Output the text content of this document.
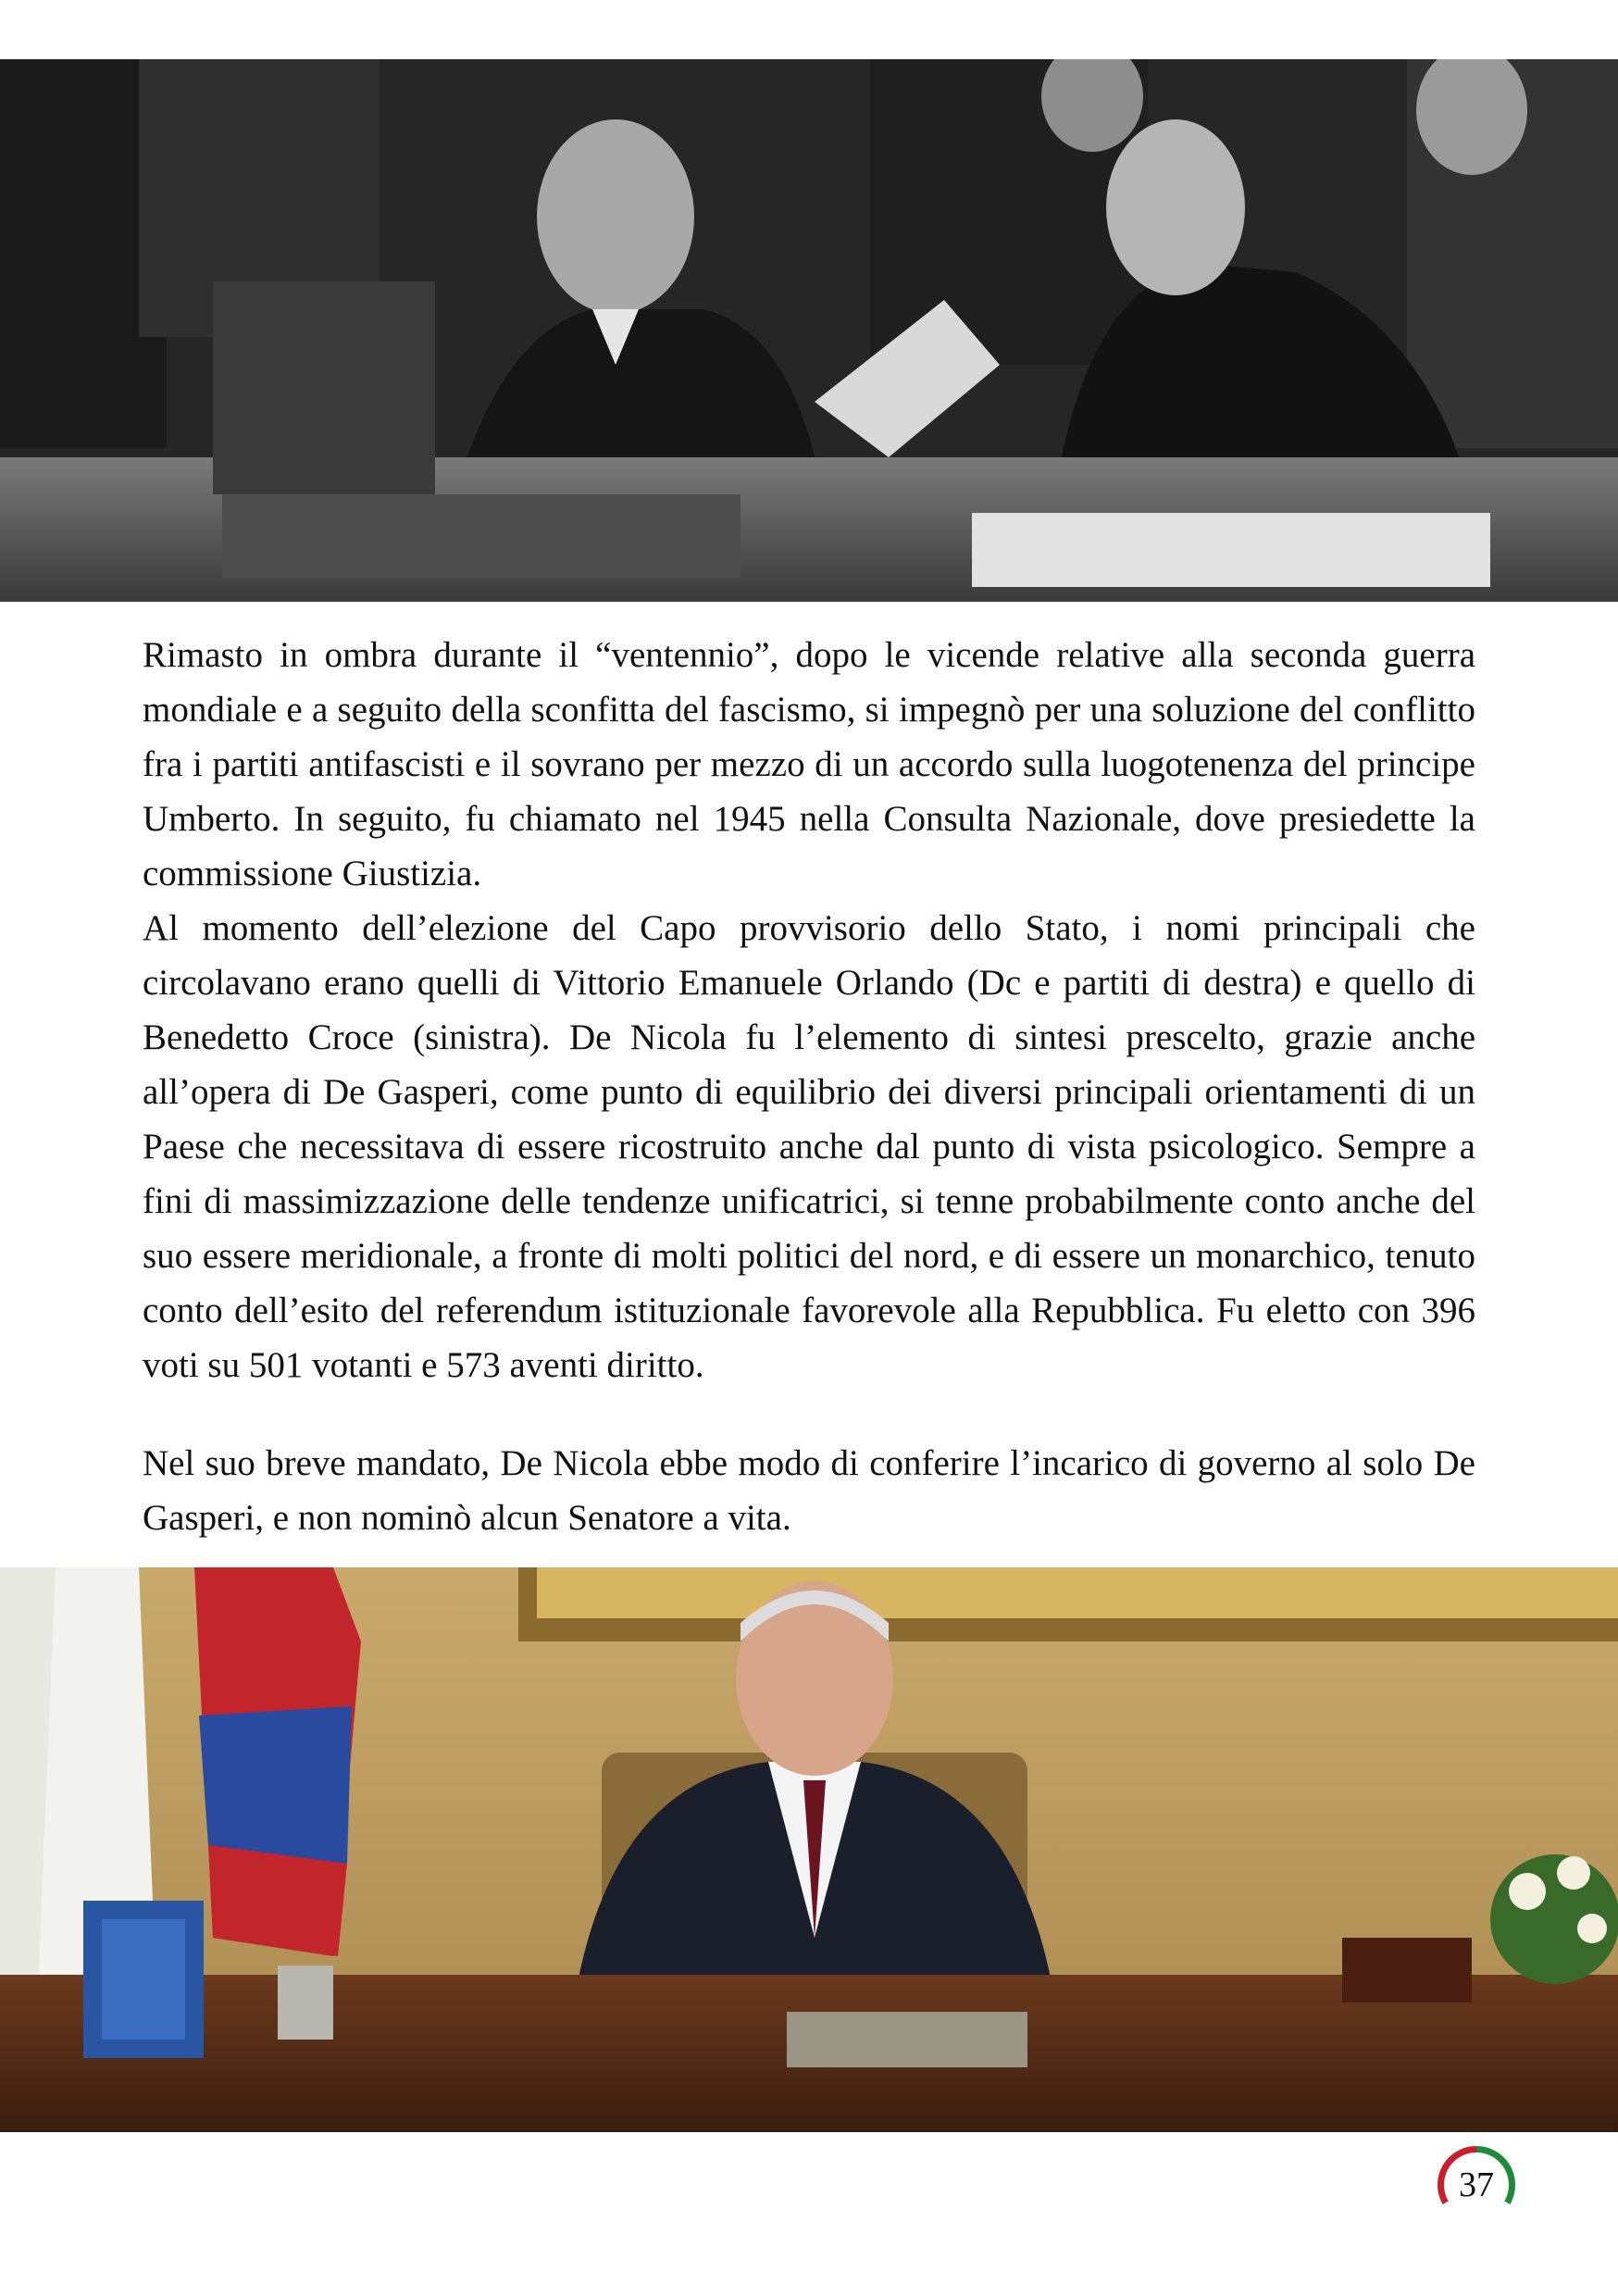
Rimasto in ombra durante il “ventennio”, dopo le vicende relative alla seconda guerra mondiale e a seguito della sconfitta del fascismo, si impegnò per una soluzione del conflitto fra i partiti antifascisti e il sovrano per mezzo di un accordo sulla luogotenenza del principe Umberto. In seguito, fu chiamato nel 1945 nella Consulta Nazionale, dove presiedette la commissione Giustizia.

Al momento dell’elezione del Capo provvisorio dello Stato, i nomi principali che circolavano erano quelli di Vittorio Emanuele Orlando (Dc e partiti di destra) e quello di Benedetto Croce (sinistra). De Nicola fu l’elemento di sintesi prescelto, grazie anche all’opera di De Gasperi, come punto di equilibrio dei diversi principali orientamenti di un Paese che necessitava di essere ricostruito anche dal punto di vista psicologico. Sempre a fini di massimizzazione delle tendenze unificatrici, si tenne probabilmente conto anche del suo essere meridionale, a fronte di molti politici del nord, e di essere un monarchico, tenuto conto dell’esito del referendum istituzionale favorevole alla Repubblica. Fu eletto con 396 voti su 501 votanti e 573 aventi diritto.

Nel suo breve mandato, De Nicola ebbe modo di conferire l’incarico di governo al solo De Gasperi, e non nominò alcun Senatore a vita.

37
